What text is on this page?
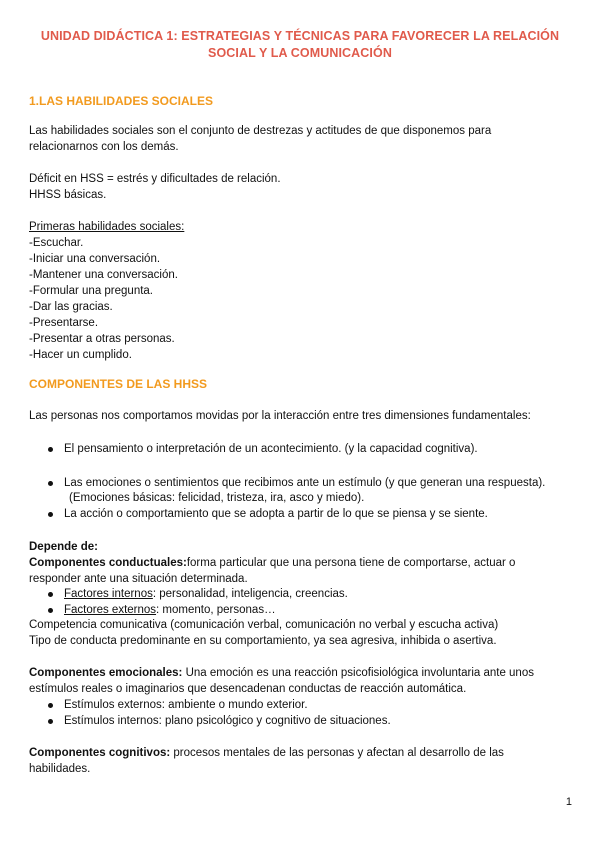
UNIDAD DIDÁCTICA 1: ESTRATEGIAS Y TÉCNICAS PARA FAVORECER LA RELACIÓN
SOCIAL Y LA COMUNICACIÓN
1.LAS HABILIDADES SOCIALES
Las habilidades sociales son el conjunto de destrezas y actitudes de que disponemos para
relacionarnos con los demás.
Déficit en HSS = estrés y dificultades de relación.
HHSS básicas.
Primeras habilidades sociales:
-Escuchar.
-Iniciar una conversación.
-Mantener una conversación.
-Formular una pregunta.
-Dar las gracias.
-Presentarse.
-Presentar a otras personas.
-Hacer un cumplido.
COMPONENTES DE LAS HHSS
Las personas nos comportamos movidas por la interacción entre tres dimensiones fundamentales:
El pensamiento o interpretación de un acontecimiento. (y la capacidad cognitiva).
Las emociones o sentimientos que recibimos ante un estímulo (y que generan una respuesta).
(Emociones básicas: felicidad, tristeza, ira, asco y miedo).
La acción o comportamiento que se adopta a partir de lo que se piensa y se siente.
Depende de:
Componentes conductuales:forma particular que una persona tiene de comportarse, actuar o
responder ante una situación determinada.
Factores internos: personalidad, inteligencia, creencias.
Factores externos: momento, personas…
Competencia comunicativa (comunicación verbal, comunicación no verbal y escucha activa)
Tipo de conducta predominante en su comportamiento, ya sea agresiva, inhibida o asertiva.
Componentes emocionales: Una emoción es una reacción psicofisiológica involuntaria ante unos
estímulos reales o imaginarios que desencadenan conductas de reacción automática.
Estímulos externos: ambiente o mundo exterior.
Estímulos internos: plano psicológico y cognitivo de situaciones.
Componentes cognitivos: procesos mentales de las personas y afectan al desarrollo de las
habilidades.
1
